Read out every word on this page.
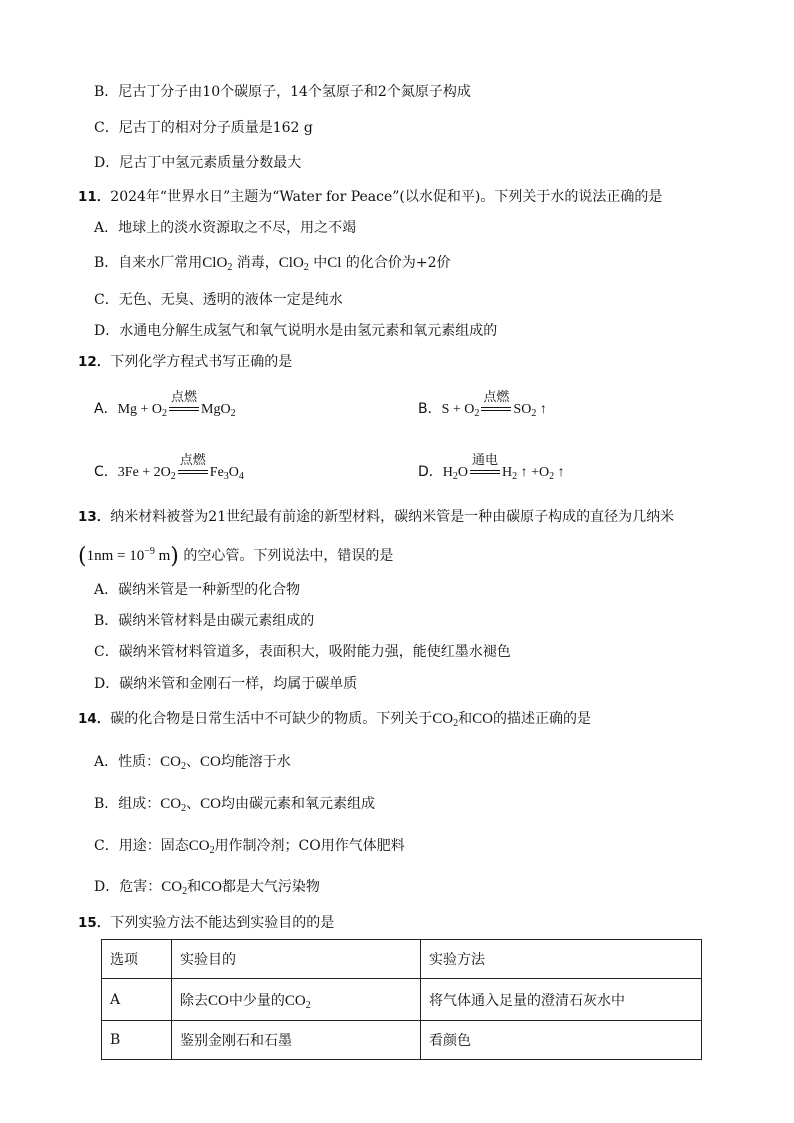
B．尼古丁分子由10个碳原子，14个氢原子和2个氮原子构成
C．尼古丁的相对分子质量是162 g
D．尼古丁中氢元素质量分数最大
11．2024年“世界水日”主题为“Water for Peace”(以水促和平)。下列关于水的说法正确的是
A．地球上的淡水资源取之不尽，用之不竭
B．自来水厂常用ClO$_2$ 消毒，ClO$_2$ 中Cl 的化合价为+2价
C．无色、无臭、透明的液体一定是纯水
D．水通电分解生成氢气和氧气说明水是由氢元素和氧元素组成的
12．下列化学方程式书写正确的是
A．$Mg + O_2$
点燃
MgO$_2$	B．$S + O_2$
点燃
$SO_2$ ↑
C．$3Fe + 2O_2$
点燃
$Fe_3O_4$	D．$H_2O$
通电
$H_2$ ↑ $+O_2$ ↑
13．纳米材料被誉为21世纪最有前途的新型材料，碳纳米管是一种由碳原子构成的直径为几纳米
($1nm = 10^{-9}$ m) 的空心管。下列说法中，错误的是
A．碳纳米管是一种新型的化合物
B．碳纳米管材料是由碳元素组成的
C．碳纳米管材料管道多，表面积大，吸附能力强，能使红墨水褪色
D．碳纳米管和金刚石一样，均属于碳单质
14．碳的化合物是日常生活中不可缺少的物质。下列关于$CO_2$和CO的描述正确的是
A．性质：$CO_2$、CO均能溶于水
B．组成：$CO_2$、CO均由碳元素和氧元素组成
C．用途：固态$CO_2$用作制冷剂；CO用作气体肥料
D．危害：$CO_2$和CO都是大气污染物
15．下列实验方法不能达到实验目的的是
选项	实验目的	实验方法
A	除去CO中少量的$CO_2$	将气体通入足量的澄清石灰水中
B	鉴别金刚石和石墨	看颜色
